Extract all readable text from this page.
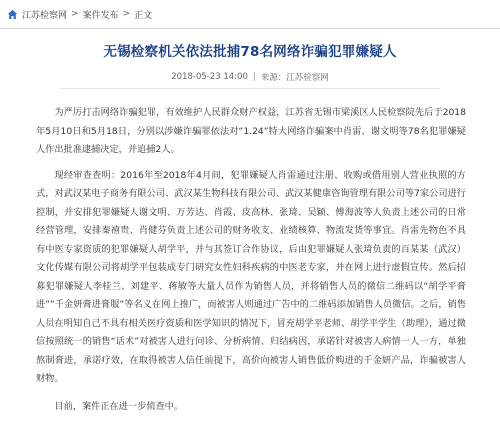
江苏检察网 > 案件发布 > 正文
无锡检察机关依法批捕78名网络诈骗犯罪嫌疑人
2018-05-23 14:00 | 来源：江苏检察网

为严厉打击网络诈骗犯罪，有效维护人民群众财产权益，江苏省无锡市梁溪区人民检察院先后于2018年5月10日和5月18日，分别以涉嫌诈骗罪依法对“1.24”特大网络诈骗案中肖雷、谢文明等78名犯罪嫌疑人作出批准逮捕决定，并追捕2人。

现经审查查明：2016年至2018年4月间，犯罪嫌疑人肖雷通过注册、收购或借用别人营业执照的方式，对武汉某电子商务有限公司、武汉某生物科技有限公司、武汉某健康咨询管理有限公司等7家公司进行控制，并安排犯罪嫌疑人谢文明、万芳达、肖霞、皮高林、张琦、吴颖、傅海波等人负责上述公司的日常经营管理，安排秦禧贵、肖健芬负责上述公司的财务收支、业绩核算、物流发货等事宜。肖雷先物色不具有中医专家资质的犯罪嫌疑人胡学平，并与其签订合作协议，后由犯罪嫌疑人张琦负责的百某某（武汉）文化传媒有限公司将胡学平包装成专门研究女性妇科疾病的中医老专家，并在网上进行虚假宣传。然后招募犯罪嫌疑人李桂兰、刘建平、蒋敏等大量人员作为销售人员，并将销售人员的微信二维码以“胡学平膏进”“千金妍膏进膏服”等名义在网上推广，而被害人则通过广告中的二维码添加销售人员微信。之后，销售人员在明知自己不具有相关医疗资质和医学知识的情况下，冒充胡学平老师、胡学平学生（助理），通过微信按照统一的销售“话术”对被害人进行问诊、分析病情、归结病因，承诺针对被害人病情一人一方，单独熬制膏进，承诺疗效，在取得被害人信任前提下，高价向被害人销售低价购进的千金妍产品，诈骗被害人财物。

目前，案件正在进一步侦查中。
